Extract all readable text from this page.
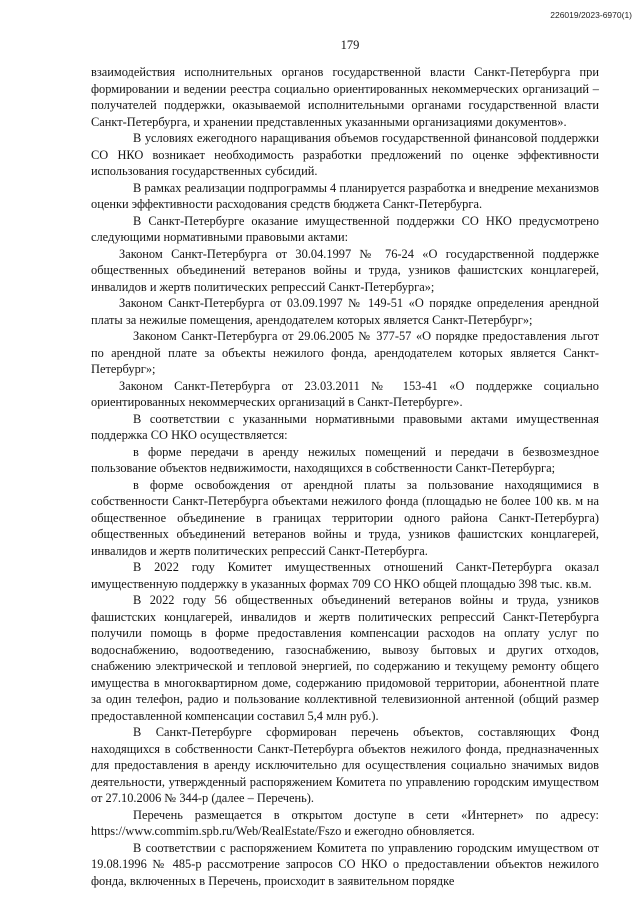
226019/2023-6970(1)
179

взаимодействия исполнительных органов государственной власти Санкт-Петербурга при формировании и ведении реестра социально ориентированных некоммерческих организаций – получателей поддержки, оказываемой исполнительными органами государственной власти Санкт-Петербурга, и хранении представленных указанными организациями документов».

В условиях ежегодного наращивания объемов государственной финансовой поддержки СО НКО возникает необходимость разработки предложений по оценке эффективности использования государственных субсидий.

В рамках реализации подпрограммы 4 планируется разработка и внедрение механизмов оценки эффективности расходования средств бюджета Санкт-Петербурга.

В Санкт-Петербурге оказание имущественной поддержки СО НКО предусмотрено следующими нормативными правовыми актами:

Законом Санкт-Петербурга от 30.04.1997 № 76-24 «О государственной поддержке общественных объединений ветеранов войны и труда, узников фашистских концлагерей, инвалидов и жертв политических репрессий Санкт-Петербурга»;

Законом Санкт-Петербурга от 03.09.1997 № 149-51 «О порядке определения арендной платы за нежилые помещения, арендодателем которых является Санкт-Петербург»;

Законом Санкт-Петербурга от 29.06.2005 № 377-57 «О порядке предоставления льгот по арендной плате за объекты нежилого фонда, арендодателем которых является Санкт-Петербург»;

Законом Санкт-Петербурга от 23.03.2011 № 153-41 «О поддержке социально ориентированных некоммерческих организаций в Санкт-Петербурге».

В соответствии с указанными нормативными правовыми актами имущественная поддержка СО НКО осуществляется:

в форме передачи в аренду нежилых помещений и передачи в безвозмездное пользование объектов недвижимости, находящихся в собственности Санкт-Петербурга;

в форме освобождения от арендной платы за пользование находящимися в собственности Санкт-Петербурга объектами нежилого фонда (площадью не более 100 кв. м на общественное объединение в границах территории одного района Санкт-Петербурга) общественных объединений ветеранов войны и труда, узников фашистских концлагерей, инвалидов и жертв политических репрессий Санкт-Петербурга.

В 2022 году Комитет имущественных отношений Санкт-Петербурга оказал имущественную поддержку в указанных формах 709 СО НКО общей площадью 398 тыс. кв.м.

В 2022 году 56 общественных объединений ветеранов войны и труда, узников фашистских концлагерей, инвалидов и жертв политических репрессий Санкт-Петербурга получили помощь в форме предоставления компенсации расходов на оплату услуг по водоснабжению, водоотведению, газоснабжению, вывозу бытовых и других отходов, снабжению электрической и тепловой энергией, по содержанию и текущему ремонту общего имущества в многоквартирном доме, содержанию придомовой территории, абонентной плате за один телефон, радио и пользование коллективной телевизионной антенной (общий размер предоставленной компенсации составил 5,4 млн руб.).

В Санкт-Петербурге сформирован перечень объектов, составляющих Фонд находящихся в собственности Санкт-Петербурга объектов нежилого фонда, предназначенных для предоставления в аренду исключительно для осуществления социально значимых видов деятельности, утвержденный распоряжением Комитета по управлению городским имуществом от 27.10.2006 № 344-р (далее – Перечень).

Перечень размещается в открытом доступе в сети «Интернет» по адресу: https://www.commim.spb.ru/Web/RealEstate/Fszo и ежегодно обновляется.

В соответствии с распоряжением Комитета по управлению городским имуществом от 19.08.1996 № 485-р рассмотрение запросов СО НКО о предоставлении объектов нежилого фонда, включенных в Перечень, происходит в заявительном порядке
